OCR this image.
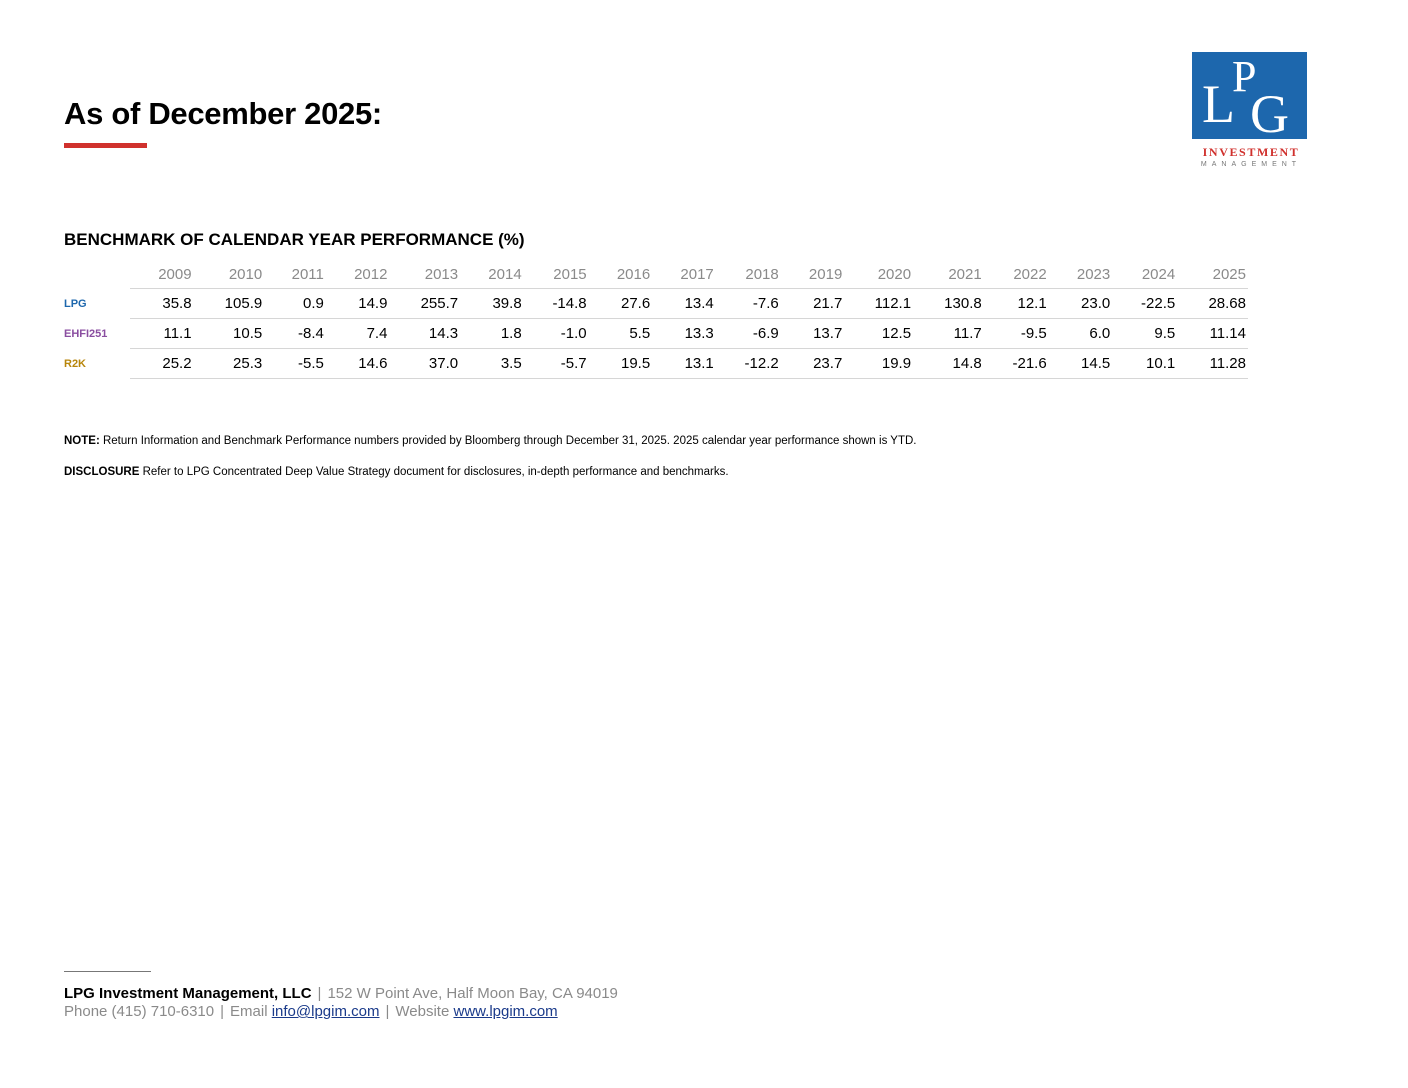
As of December 2025:	L
P
G
INVESTMENT
MANAGEMENT
BENCHMARK OF CALENDAR YEAR PERFORMANCE (%)
	2009	2010	2011	2012	2013	2014	2015	2016	2017	2018	2019	2020	2021	2022	2023	2024	2025
LPG	35.8	105.9	0.9	14.9	255.7	39.8	-14.8	27.6	13.4	-7.6	21.7	112.1	130.8	12.1	23.0	-22.5	28.68
EHFI251	11.1	10.5	-8.4	7.4	14.3	1.8	-1.0	5.5	13.3	-6.9	13.7	12.5	11.7	-9.5	6.0	9.5	11.14
R2K	25.2	25.3	-5.5	14.6	37.0	3.5	-5.7	19.5	13.1	-12.2	23.7	19.9	14.8	-21.6	14.5	10.1	11.28

NOTE: Return Information and Benchmark Performance numbers provided by Bloomberg through December 31, 2025. 2025 calendar year performance shown is YTD.

DISCLOSURE Refer to LPG Concentrated Deep Value Strategy document for disclosures, in-depth performance and benchmarks.

LPG Investment Management, LLC | 152 W Point Ave, Half Moon Bay, CA 94019
Phone (415) 710-6310 | Email info@lpgim.com | Website www.lpgim.com
